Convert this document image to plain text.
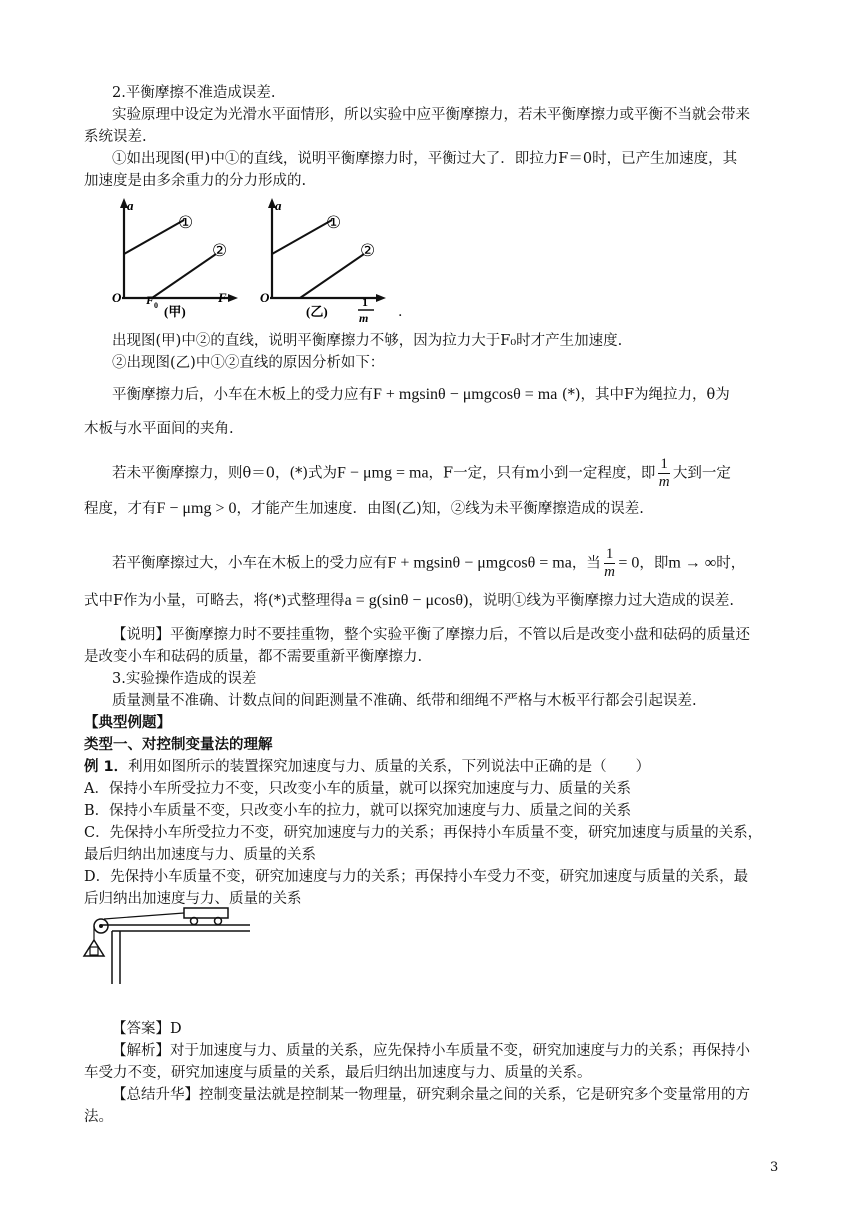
2.平衡摩擦不准造成误差.
实验原理中设定为光滑水平面情形，所以实验中应平衡摩擦力，若未平衡摩擦力或平衡不当就会带来
系统误差.
①如出现图(甲)中①的直线，说明平衡摩擦力时，平衡过大了．即拉力F＝0时，已产生加速度，其
加速度是由多余重力的分力形成的.
a
O F 0
F
①
②
(甲)
a
O
①
②
(乙)
1
m .
出现图(甲)中②的直线，说明平衡摩擦力不够，因为拉力大于F₀时才产生加速度.
②出现图(乙)中①②直线的原因分析如下：
平衡摩擦力后，小车在木板上的受力应有F + mgsinθ − μmgcosθ = ma (*)，其中F为绳拉力，θ为
木板与水平面间的夹角.
若未平衡摩擦力，则θ＝0，(*)式为F − μmg = ma，F一定，只有m小到一定程度，即 $\frac{1}{m}$ 大到一定
程度，才有F − μmg > 0，才能产生加速度．由图(乙)知，②线为未平衡摩擦造成的误差.
若平衡摩擦过大，小车在木板上的受力应有F + mgsinθ − μmgcosθ = ma，当 $\frac{1}{m} = 0$，即m → ∞时，
式中F作为小量，可略去，将(*)式整理得a = g(sinθ − μcosθ)，说明①线为平衡摩擦力过大造成的误差.
【说明】平衡摩擦力时不要挂重物，整个实验平衡了摩擦力后，不管以后是改变小盘和砝码的质量还
是改变小车和砝码的质量，都不需要重新平衡摩擦力.
3.实验操作造成的误差
质量测量不准确、计数点间的间距测量不准确、纸带和细绳不严格与木板平行都会引起误差.
【典型例题】
类型一、对控制变量法的理解
例 1．利用如图所示的装置探究加速度与力、质量的关系，下列说法中正确的是（　　）
A．保持小车所受拉力不变，只改变小车的质量，就可以探究加速度与力、质量的关系
B．保持小车质量不变，只改变小车的拉力，就可以探究加速度与力、质量之间的关系
C．先保持小车所受拉力不变，研究加速度与力的关系；再保持小车质量不变，研究加速度与质量的关系，
最后归纳出加速度与力、质量的关系
D．先保持小车质量不变，研究加速度与力的关系；再保持小车受力不变，研究加速度与质量的关系，最
后归纳出加速度与力、质量的关系
【答案】D
【解析】对于加速度与力、质量的关系，应先保持小车质量不变，研究加速度与力的关系；再保持小
车受力不变，研究加速度与质量的关系，最后归纳出加速度与力、质量的关系。
【总结升华】控制变量法就是控制某一物理量，研究剩余量之间的关系，它是研究多个变量常用的方
法。
3
